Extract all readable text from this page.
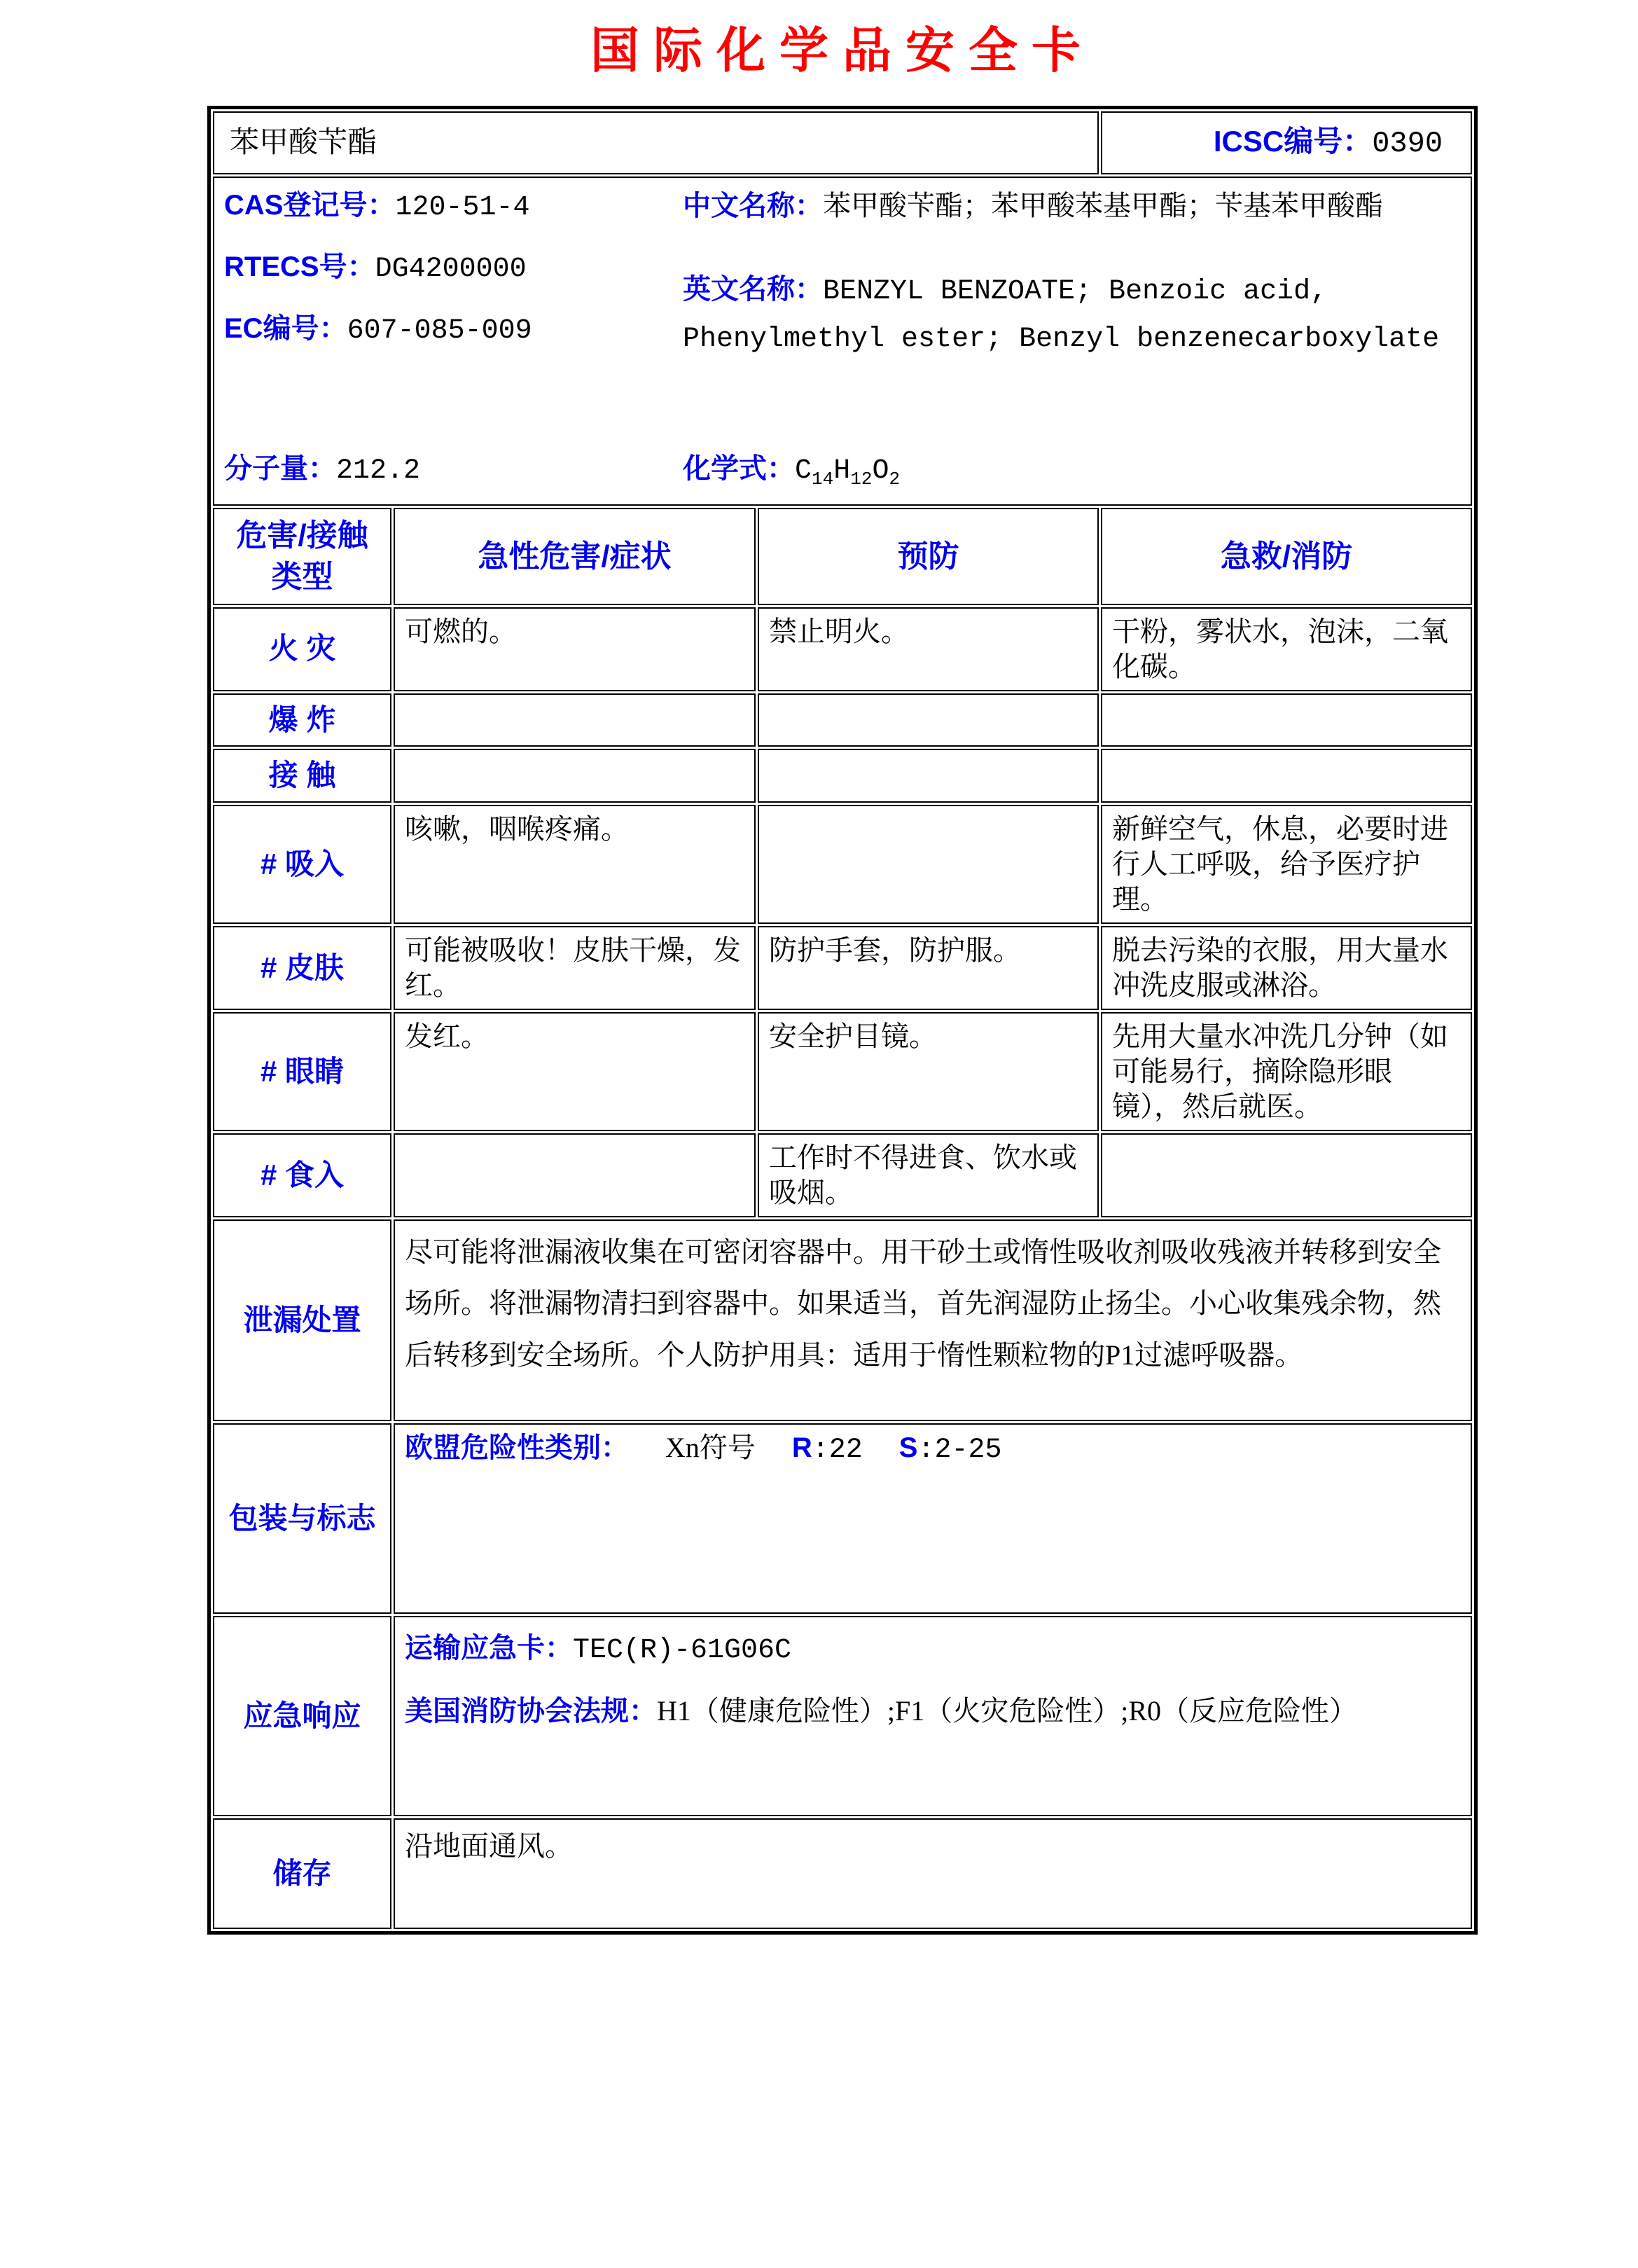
国际化学品安全卡
苯甲酸苄酯			ICSC编号：0390

CAS登记号：120-51-4
RTECS号：DG4200000
EC编号：607-085-009
中文名称：苯甲酸苄酯；苯甲酸苯基甲酯；苄基苯甲酸酯
英文名称：BENZYL BENZOATE; Benzoic acid, Phenylmethyl ester; Benzyl benzenecarboxylate
分子量：212.2	化学式：$C_{14}H_{12}O_2$

危害/接触
类型	急性危害/症状	预防	急救/消防
火 灾	可燃的。	禁止明火。	干粉，雾状水，泡沫，二氧化碳。
爆 炸			
接 触			
# 吸入	咳嗽，咽喉疼痛。		新鲜空气，休息，必要时进行人工呼吸，给予医疗护理。
# 皮肤	可能被吸收！皮肤干燥，发红。	防护手套，防护服。	脱去污染的衣服，用大量水冲洗皮服或淋浴。
# 眼睛	发红。	安全护目镜。	先用大量水冲洗几分钟（如可能易行，摘除隐形眼镜），然后就医。
# 食入		工作时不得进食、饮水或吸烟。	
泄漏处置	尽可能将泄漏液收集在可密闭容器中。用干砂土或惰性吸收剂吸收残液并转移到安全场所。将泄漏物清扫到容器中。如果适当，首先润湿防止扬尘。小心收集残余物，然后转移到安全场所。个人防护用具：适用于惰性颗粒物的P1过滤呼吸器。		

包装与标志	欧盟危险性类别： Xn符号 R:22 S:2-25		

应急响应	运输应急卡：TEC(R)-61G06C
美国消防协会法规：H1（健康危险性）;F1（火灾危险性）;R0（反应危险性）		

储存	沿地面通风。		
